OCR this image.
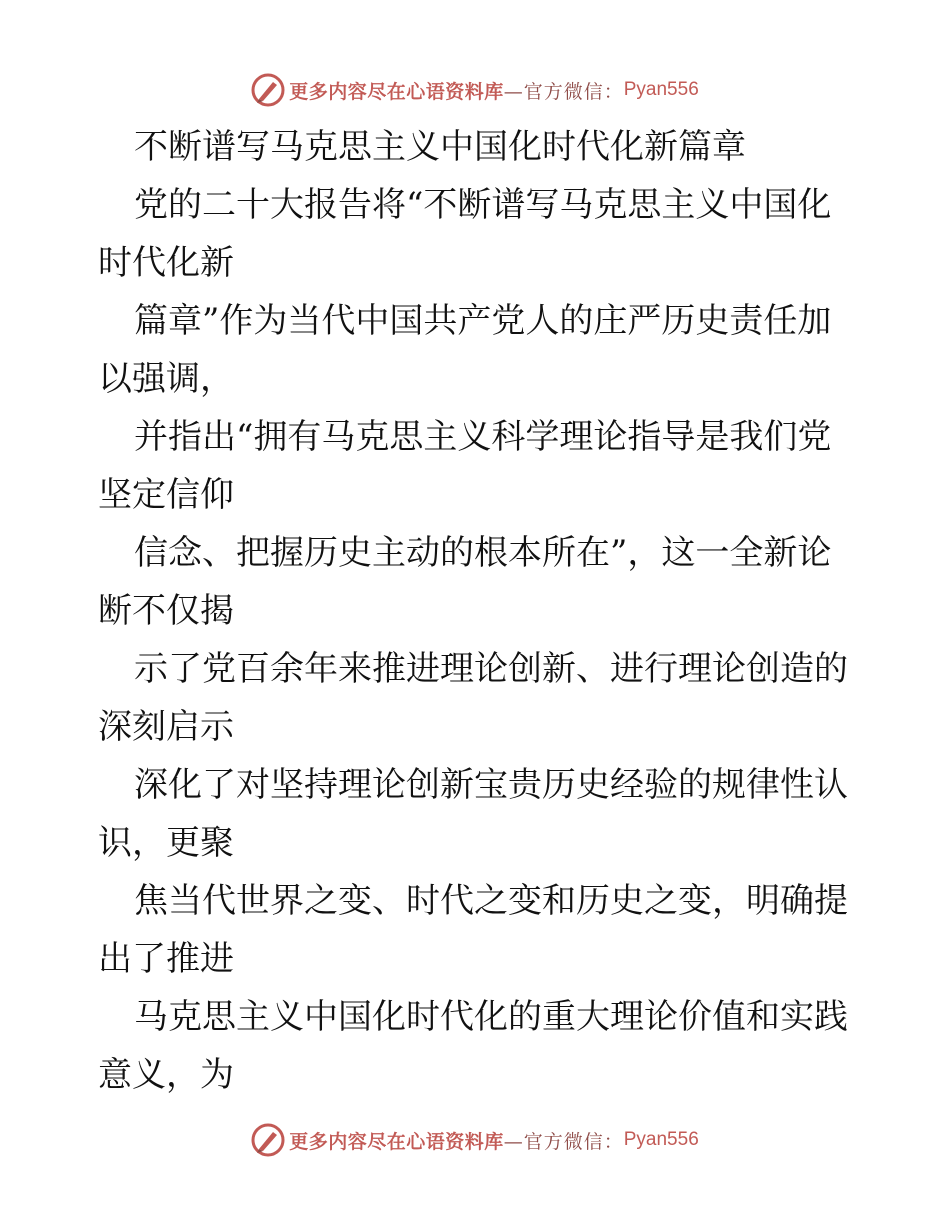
更多内容尽在心语资料库 —官方微信： Pyan556

不断谱写马克思主义中国化时代化新篇章

党的二十大报告将“不断谱写马克思主义中国化时代化新

篇章”作为当代中国共产党人的庄严历史责任加以强调，

并指出“拥有马克思主义科学理论指导是我们党坚定信仰

信念、把握历史主动的根本所在”，这一全新论断不仅揭

示了党百余年来推进理论创新、进行理论创造的深刻启示

深化了对坚持理论创新宝贵历史经验的规律性认识，更聚

焦当代世界之变、时代之变和历史之变，明确提出了推进

马克思主义中国化时代化的重大理论价值和实践意义，为

更多内容尽在心语资料库 —官方微信： Pyan556
